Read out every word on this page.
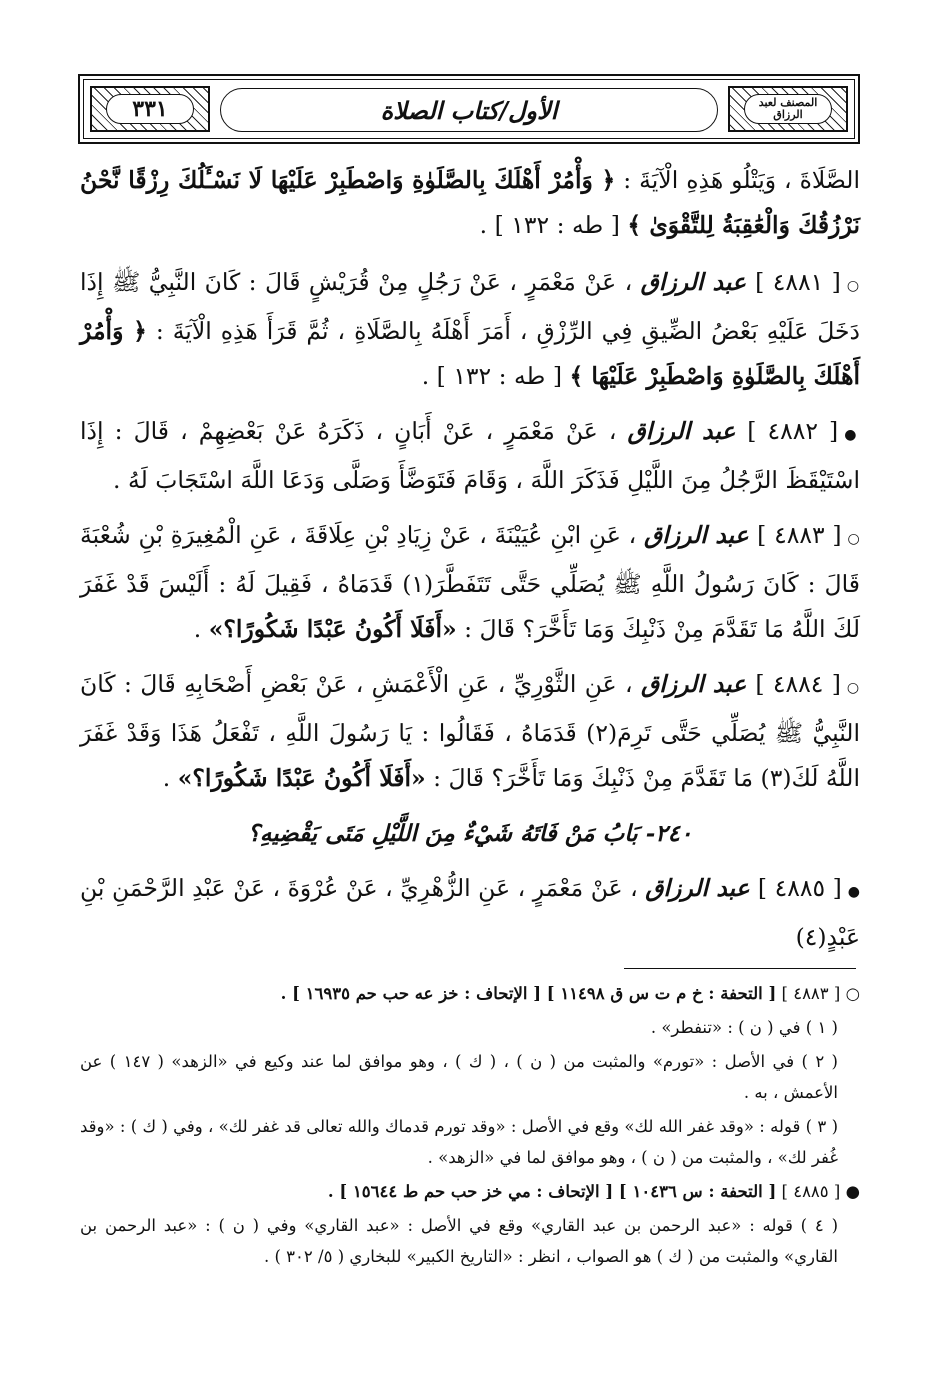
٣٣١	الأول/كتاب الصلاة	المصنف لعبد الرزاق

الصَّلَاةَ ، وَيَتْلُو هَذِهِ الْآيَةَ : ﴿ وَأْمُرْ أَهْلَكَ بِالصَّلَوٰةِ وَاصْطَبِرْ عَلَيْهَا لَا نَسْـَٔلُكَ رِزْقًا نَّحْنُ نَرْزُقُكَ وَالْعَٰقِبَةُ لِلتَّقْوَىٰ ﴾ [ طه : ١٣٢ ] .

○[ ٤٨٨١ ] عبد الرزاق ، عَنْ مَعْمَرٍ ، عَنْ رَجُلٍ مِنْ قُرَيْشٍ قَالَ : كَانَ النَّبِيُّ ﷺ إِذَا دَخَلَ عَلَيْهِ بَعْضُ الضِّيقِ فِي الرِّزْقِ ، أَمَرَ أَهْلَهُ بِالصَّلَاةِ ، ثُمَّ قَرَأَ هَذِهِ الْآيَةَ : ﴿ وَأْمُرْ أَهْلَكَ بِالصَّلَوٰةِ وَاصْطَبِرْ عَلَيْهَا ﴾ [ طه : ١٣٢ ] .

●[ ٤٨٨٢ ] عبد الرزاق ، عَنْ مَعْمَرٍ ، عَنْ أَبَانٍ ، ذَكَرَهُ عَنْ بَعْضِهِمْ ، قَالَ : إِذَا اسْتَيْقَظَ الرَّجُلُ مِنَ اللَّيْلِ فَذَكَرَ اللَّهَ ، وَقَامَ فَتَوَضَّأَ وَصَلَّى وَدَعَا اللَّهَ اسْتَجَابَ لَهُ .

○[ ٤٨٨٣ ] عبد الرزاق ، عَنِ ابْنِ عُيَيْنَةَ ، عَنْ زِيَادِ بْنِ عِلَاقَةَ ، عَنِ الْمُغِيرَةِ بْنِ شُعْبَةَ قَالَ : كَانَ رَسُولُ اللَّهِ ﷺ يُصَلِّي حَتَّى تَتَفَطَّرَ(١) قَدَمَاهُ ، فَقِيلَ لَهُ : أَلَيْسَ قَدْ غَفَرَ لَكَ اللَّهُ مَا تَقَدَّمَ مِنْ ذَنْبِكَ وَمَا تَأَخَّرَ؟ قَالَ : «أَفَلَا أَكُونُ عَبْدًا شَكُورًا؟» .

○[ ٤٨٨٤ ] عبد الرزاق ، عَنِ الثَّوْرِيِّ ، عَنِ الْأَعْمَشِ ، عَنْ بَعْضِ أَصْحَابِهِ قَالَ : كَانَ النَّبِيُّ ﷺ يُصَلِّي حَتَّى تَرِمَ(٢) قَدَمَاهُ ، فَقَالُوا : يَا رَسُولَ اللَّهِ ، تَفْعَلُ هَذَا وَقَدْ غَفَرَ اللَّهُ لَكَ(٣) مَا تَقَدَّمَ مِنْ ذَنْبِكَ وَمَا تَأَخَّرَ؟ قَالَ : «أَفَلَا أَكُونُ عَبْدًا شَكُورًا؟» .

٢٤٠- بَابُ مَنْ فَاتَهُ شَيْءٌ مِنَ اللَّيْلِ مَتَى يَقْضِيهِ؟

●[ ٤٨٨٥ ] عبد الرزاق ، عَنْ مَعْمَرٍ ، عَنِ الزُّهْرِيِّ ، عَنْ عُرْوَةَ ، عَنْ عَبْدِ الرَّحْمَنِ بْنِ عَبْدٍ(٤)

○ [ ٤٨٨٣ ] [ التحفة : خ م ت س ق ١١٤٩٨ ] [ الإتحاف : خز عه حب حم ١٦٩٣٥ ] .

( ١ ) في ( ن ) : «تنفطر» .

( ٢ ) في الأصل : «تورم» والمثبت من ( ن ) ، ( ك ) ، وهو موافق لما عند وكيع في «الزهد» ( ١٤٧ ) عن الأعمش ، به .

( ٣ ) قوله : «وقد غفر الله لك» وقع في الأصل : «وقد تورم قدماك والله تعالى قد غفر لك» ، وفي ( ك ) : «وقد غُفر لك» ، والمثبت من ( ن ) ، وهو موافق لما في «الزهد» .

● [ ٤٨٨٥ ] [ التحفة : س ١٠٤٣٦ ] [ الإتحاف : مي خز حب حم ط ١٥٦٤٤ ] .

( ٤ ) قوله : «عبد الرحمن بن عبد القاري» وقع في الأصل : «عبد القاري» وفي ( ن ) : «عبد الرحمن بن القاري» والمثبت من ( ك ) هو الصواب ، انظر : «التاريخ الكبير» للبخاري ( ٥/ ٣٠٢ ) .
